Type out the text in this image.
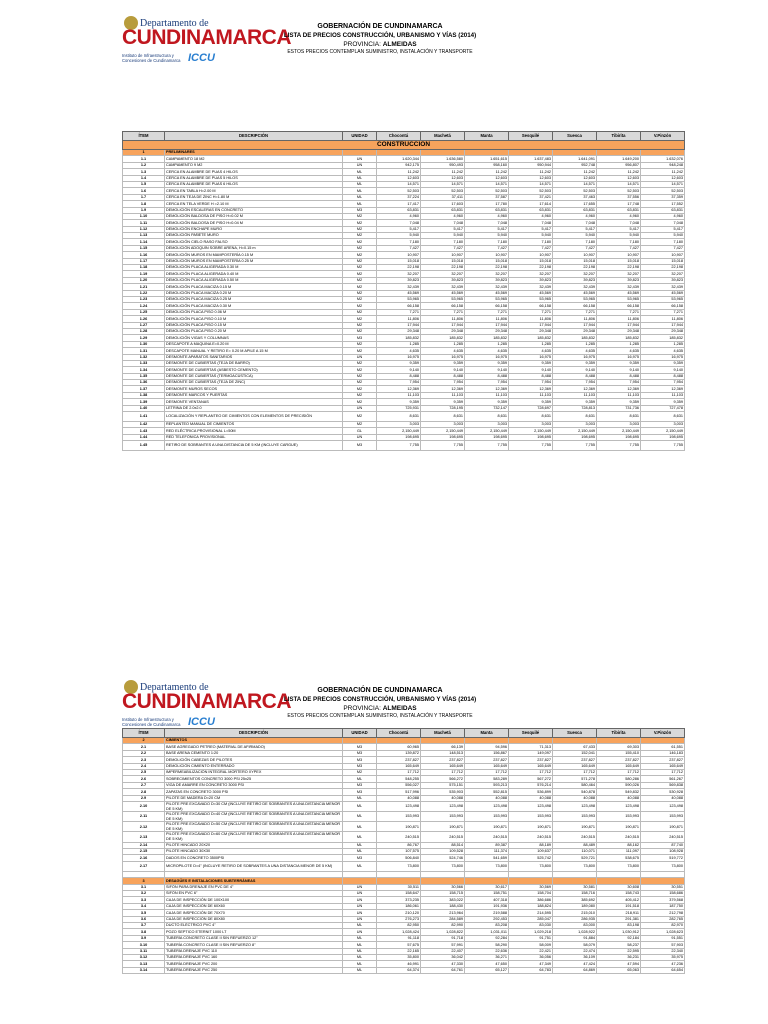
Departamento de
CUNDINAMARCA
Instituto de Infraestructura y Concesiones de Cundinamarca ICCU
GOBERNACIÓN DE CUNDINAMARCA
LISTA DE PRECIOS CONSTRUCCIÓN, URBANISMO Y VÍAS (2014)
PROVINCIA: ALMEIDAS
ESTOS PRECIOS CONTEMPLAN SUMINISTRO, INSTALACIÓN Y TRANSPORTE
ÍTEM	DESCRIPCIÓN	UNIDAD	Chocontá	Machetá	Manta	Sesquilé	Suesca	Tibirita	V.Pinzón
CONSTRUCCIÓN									
1	PRELIMINARES								
1.1	CAMPAMENTO 18 M2	UN	1.620,344	1.636,580	1.651,615	1.637,483	1.641,091	1.649,200	1.632,076
1.2	CAMPAMENTO 9 M2	UN	942,175	950,493	958,160	950,944	952,748	956,807	948,248
1.3	CERCA EN ALAMBRE DE PUAS 4 HILOS	ML	11,242	11,242	11,242	11,242	11,242	11,242	11,242
1.4	CERCA EN ALAMBRE DE PUAS 5 HILOS	ML	12,603	12,603	12,603	12,603	12,603	12,603	12,603
1.5	CERCA EN ALAMBRE DE PUAS 6 HILOS	ML	14,571	14,571	14,571	14,571	14,571	14,571	14,571
1.6	CERCA EN TABLA H=2.00 M	ML	52,503	52,503	52,503	52,503	52,503	52,503	52,503
1.7	CERCA EN TEJA DE ZINC H=1.80 M	ML	37,224	37,411	37,587	37,421	37,463	37,556	37,359
1.8	CERCA EN TELA VERDE H =2.10 M	ML	17,417	17,603	17,780	17,614	17,655	17,748	17,552
1.9	DEMOLICIÓN ESCALERAS EN CONCRETO	M3	63,831	63,831	63,831	63,831	63,831	63,831	63,831
1.10	DEMOLICIÓN BALDOSA DE PISO H=0.02 M	M2	4,960	4,960	4,960	4,960	4,960	4,960	4,960
1.11	DEMOLICIÓN BALDOSA DE PISO H=0.04 M	M2	7,048	7,048	7,048	7,048	7,048	7,048	7,048
1.12	DEMOLICIÓN ENCHAPE MURO	M2	5,417	5,417	5,417	5,417	5,417	5,417	5,417
1.13	DEMOLICIÓN PAÑETE MURO	M2	5,940	5,940	5,940	5,940	5,940	5,940	5,940
1.14	DEMOLICIÓN CIELO RASO FALSO	M2	7,180	7,180	7,180	7,180	7,180	7,180	7,180
1.15	DEMOLICIÓN ADOQUÍN SOBRE ARENA, H=0.15 m	M2	7,427	7,427	7,427	7,427	7,427	7,427	7,427
1.16	DEMOLICIÓN MUROS EN MAMPOSTERÍA 0.15 M	M2	10,907	10,907	10,907	10,907	10,907	10,907	10,907
1.17	DEMOLICIÓN MUROS EN MAMPOSTERÍA 0.25 M	M2	15,018	15,018	15,018	15,018	15,018	15,018	15,018
1.18	DEMOLICIÓN PLACA ALIGERADA 0.30 M	M2	22,198	22,198	22,198	22,198	22,198	22,198	22,198
1.19	DEMOLICIÓN PLACA ALIGERADA 0.40 M	M2	32,207	32,207	32,207	32,207	32,207	32,207	32,207
1.20	DEMOLICIÓN PLACA ALIGERADA 0.50 M	M2	39,823	39,823	39,823	39,823	39,823	39,823	39,823
1.21	DEMOLICIÓN PLACA MACIZA 0.15 M	M2	32,439	32,439	32,439	32,439	32,439	32,439	32,439
1.22	DEMOLICIÓN PLACA MACIZA 0.20 M	M2	45,569	45,569	45,569	45,569	45,569	45,569	45,569
1.23	DEMOLICIÓN PLACA MACIZA 0.25 M	M2	53,965	53,965	53,965	53,965	53,965	53,965	53,965
1.24	DEMOLICIÓN PLACA MACIZA 0.30 M	M2	66,158	66,158	66,158	66,158	66,158	66,158	66,158
1.25	DEMOLICIÓN PLACA PISO 0.06 M	M2	7,271	7,271	7,271	7,271	7,271	7,271	7,271
1.26	DEMOLICIÓN PLACA PISO 0.10 M	M2	11,806	11,806	11,806	11,806	11,806	11,806	11,806
1.27	DEMOLICIÓN PLACA PISO 0.15 M	M2	17,944	17,944	17,944	17,944	17,944	17,944	17,944
1.28	DEMOLICIÓN PLACA PISO 0.20 M	M2	29,348	29,348	29,348	29,348	29,348	29,348	29,348
1.29	DEMOLICIÓN VIGAS Y COLUMNAS	M3	185,832	185,832	185,832	185,832	185,832	185,832	185,832
1.30	DESCAPOTE A MAQUINA E=0.20 M	M2	1,285	1,285	1,285	1,285	1,285	1,285	1,285
1.31	DESCAPOTE MANUAL Y RETIRO E= 0.20 M APILE A 15 M	M2	4,635	4,635	4,635	4,635	4,635	4,635	4,635
1.32	DESMONTE APARATOS SANITARIOS	UN	16,975	16,975	16,975	16,975	16,975	16,975	16,975
1.33	DESMONTE DE CUBIERTAS (TEJA DE BARRO)	M2	9,359	9,359	9,359	9,359	9,359	9,359	9,359
1.34	DESMONTE DE CUBIERTAS (ASBESTO CEMENTO)	M2	9,140	9,140	9,140	9,140	9,140	9,140	9,140
1.35	DESMONTE DE CUBIERTAS (TERMOACÚSTICA)	M2	8,488	8,488	8,488	8,488	8,488	8,488	8,488
1.36	DESMONTE DE CUBIERTAS (TEJA DE ZINC)	M2	7,954	7,954	7,954	7,954	7,954	7,954	7,954
1.37	DESMONTE MUROS SECOS	M2	12,369	12,369	12,369	12,369	12,369	12,369	12,369
1.38	DESMONTE MARCOS Y PUERTAS	M2	11,103	11,103	11,103	11,103	11,103	11,103	11,103
1.39	DESMONTE VENTANAS	M2	9,359	9,359	9,359	9,359	9,359	9,359	9,359
1.40	LETRINA DE 2.0x2.0	UN	725,931	728,195	732,147	728,697	728,813	731,736	727,478
1.41	LOCALIZACIÓN Y REPLANTEO DE CIMIENTOS CON ELEMENTOS DE PRECISIÓN	M2	8,631	8,631	8,631	8,631	8,631	8,631	8,631
1.42	REPLANTEO MANUAL DE CIMIENTOS	M2	3,003	3,003	3,003	3,003	3,003	3,003	3,003
1.43	RED ELÉCTRICA PROVISIONAL L=50M	GL	2,150,449	2,150,449	2,150,449	2,150,449	2,150,449	2,150,449	2,150,449
1.44	RED TELEFÓNICA PROVISIONAL	UN	198,695	198,695	198,695	198,695	198,695	198,695	198,695
1.45	RETIRO DE SOBRANTES A UNA DISTANCIA DE 5 KM (INCLUYE CARGUE)	M3	7,755	7,755	7,755	7,755	7,755	7,755	7,755
Departamento de
CUNDINAMARCA
Instituto de Infraestructura y Concesiones de Cundinamarca ICCU
GOBERNACIÓN DE CUNDINAMARCA
LISTA DE PRECIOS CONSTRUCCIÓN, URBANISMO Y VÍAS (2014)
PROVINCIA: ALMEIDAS
ESTOS PRECIOS CONTEMPLAN SUMINISTRO, INSTALACIÓN Y TRANSPORTE
ÍTEM	DESCRIPCIÓN	UNIDAD	Chocontá	Machetá	Manta	Sesquilé	Suesca	Tibirita	V.Pinzón
2	CIMIENTOS								
2.1	BASE AGREGADO PETREO (MATERIAL DE AFIRMADO)	M3	60,965	66,139	94,596	71,313	67,433	69,303	61,551
2.2	BASE ARENA CEMENTO 1:20	M3	139,872	148,513	156,867	149,097	152,041	155,410	146,183
2.3	DEMOLICIÓN CABEZAS DE PILOTES	M3	237,827	237,827	237,827	237,827	237,827	237,827	237,827
2.4	DEMOLICIÓN CIMIENTO ENTERRADO	M3	165,649	165,649	165,649	165,649	165,649	165,649	165,649
2.5	IMPERMEABILIZACIÓN INTEGRAL MORTERO XYPEX	M2	17,712	17,712	17,712	17,712	17,712	17,712	17,712
2.6	SOBRECIMIENTOS CONCRETO 3000 PSI 25x25	ML	548,255	566,272	583,289	567,272	571,278	580,286	561,267
2.7	VIGA DE AMARRE EN CONCRETO 3000 PSI	M3	556,027	575,151	593,213	576,214	580,464	590,026	569,838
2.8	ZAPATAS EN CONCRETO 3000 PSI	M3	517,996	535,903	552,815	536,899	540,878	549,832	530,928
2.9	PILOTE DE MADERA D=20 CM	ML	40,088	40,088	40,088	40,088	40,088	40,088	40,088
2.10	PILOTE PRE EXCAVADO D=30 CM (INCLUYE RETIRO DE SOBRANTES A UNA DISTANCIA MENOR DE 5 KM)	ML	123,498	123,498	123,498	123,498	123,498	123,498	123,498
2.11	PILOTE PRE EXCAVADO D=40 CM (INCLUYE RETIRO DE SOBRANTES A UNA DISTANCIA MENOR DE 5 KM)	ML	153,993	153,993	153,993	153,993	153,993	153,993	153,993
2.12	PILOTE PRE EXCAVADO D=50 CM (INCLUYE RETIRO DE SOBRANTES A UNA DISTANCIA MENOR DE 5 KM)	ML	190,871	190,871	190,871	190,871	190,871	190,871	190,871
2.13	PILOTE PRE EXCAVADO D=60 CM (INCLUYE RETIRO DE SOBRANTES A UNA DISTANCIA MENOR DE 5 KM)	ML	240,515	240,515	240,515	240,515	240,515	240,515	240,515
2.14	PILOTE HINCADO 20X20	ML	86,767	88,514	89,387	88,189	88,489	88,162	87,740
2.15	PILOTE HINCADO 30X30	ML	107,575	109,528	111,374	109,637	110,071	111,097	108,928
2.16	DADOS EN CONCRETO 3500PSI	M3	506,840	524,746	541,659	525,742	529,721	538,675	519,772
2.17	MICROPILOTE D=4" (INCLUYE RETIRO DE SOBRANTES A UNA DISTANCIA MENOR DE 5 KM)	ML	73,800	73,800	73,800	73,800	73,800	73,800	73,800

3	DESAGÜES E INSTALACIONES SUBTERRÁNEAS								
3.1	SIFÓN PARA DRENAJE EN PVC DE 4"	UN	30,511	30,566	30,617	30,569	30,581	30,608	30,551
3.2	SIFÓN EN PVC 6"	UN	158,647	158,715	158,751	158,704	158,716	158,743	158,686
3.3	CAJA DE INSPECCIÓN DE 100X100	UN	373,235	383,022	407,318	386,686	385,692	405,412	379,568
3.4	CAJA DE INSPECCIÓN DE 60X60	UN	186,061	188,430	191,936	188,824	189,080	191,518	187,750
3.5	CAJA DE INSPECCIÓN DE 70X70	UN	210,120	213,964	219,588	214,595	215,010	218,911	212,798
3.6	CAJA DE INSPECCIÓN DE 80X80	UN	276,273	284,589	292,453	285,047	286,935	291,381	282,765
3.7	DUCTO ELÉCTRICO PVC 4"	ML	82,950	82,990	83,208	83,030	83,000	83,198	82,970
3.8	POZO SEPTICO ETERNIT 1000 LT	UN	1,028,424	1,028,822	1,031,011	1,029,218	1,028,922	1,030,912	1,028,623
3.9	TUBERÍA CONCRETO CLASE II SIN REFUERZO 12"	ML	91,118	91,718	92,284	91,751	91,884	92,184	91,551
3.10	TUBERÍA CONCRETO CLASE II SIN REFUERZO 8"	ML	57,675	57,991	58,290	58,009	58,079	58,237	57,903
3.11	TUBERÍA DRENAJE PVC 110	ML	22,165	22,407	22,636	22,421	22,474	22,595	22,340
3.12	TUBERÍA DRENAJE PVC 160	ML	35,800	36,042	36,271	36,056	36,109	36,231	35,975
3.13	TUBERÍA DRENAJE PVC 200	ML	46,991	47,330	47,650	47,349	47,424	47,594	47,236
3.14	TUBERÍA DRENAJE PVC 250	ML	64,374	64,761	65,127	64,783	64,869	65,063	64,654
